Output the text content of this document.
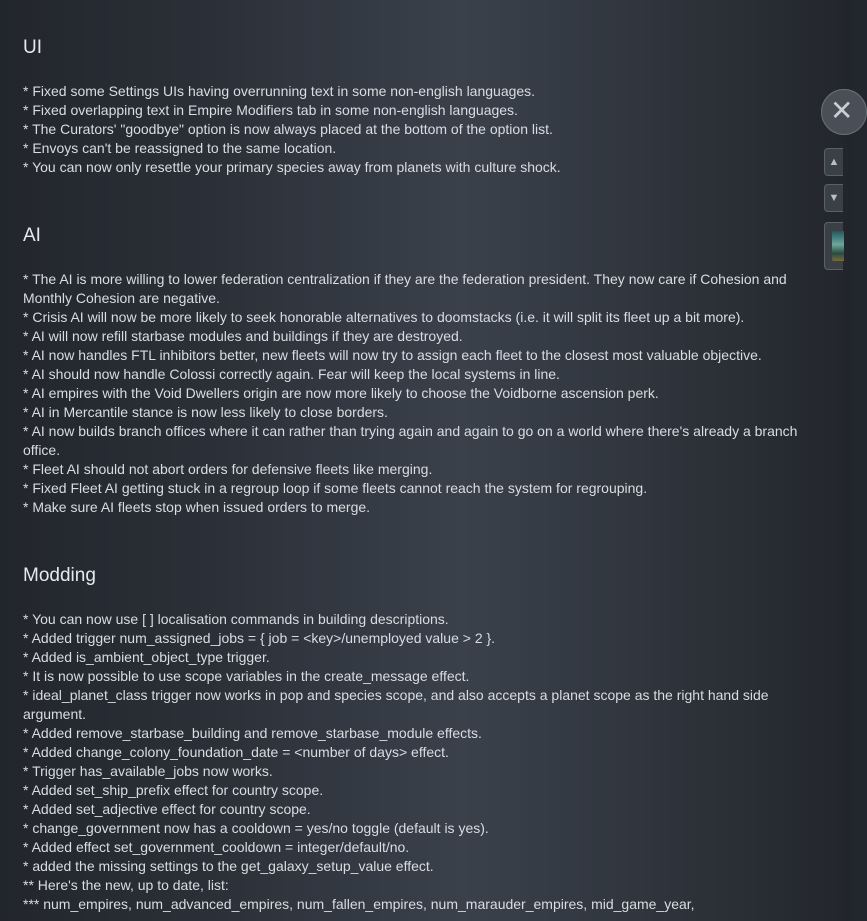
UI
* Fixed some Settings UIs having overrunning text in some non-english languages.
* Fixed overlapping text in Empire Modifiers tab in some non-english languages.
* The Curators' "goodbye" option is now always placed at the bottom of the option list.
* Envoys can't be reassigned to the same location.
* You can now only resettle your primary species away from planets with culture shock.
AI
* The AI is more willing to lower federation centralization if they are the federation president. They now care if Cohesion and Monthly Cohesion are negative.
* Crisis AI will now be more likely to seek honorable alternatives to doomstacks (i.e. it will split its fleet up a bit more).
* AI will now refill starbase modules and buildings if they are destroyed.
* AI now handles FTL inhibitors better, new fleets will now try to assign each fleet to the closest most valuable objective.
* AI should now handle Colossi correctly again. Fear will keep the local systems in line.
* AI empires with the Void Dwellers origin are now more likely to choose the Voidborne ascension perk.
* AI in Mercantile stance is now less likely to close borders.
* AI now builds branch offices where it can rather than trying again and again to go on a world where there's already a branch office.
* Fleet AI should not abort orders for defensive fleets like merging.
* Fixed Fleet AI getting stuck in a regroup loop if some fleets cannot reach the system for regrouping.
* Make sure AI fleets stop when issued orders to merge.
Modding
* You can now use [ ] localisation commands in building descriptions.
* Added trigger num_assigned_jobs = { job = <key>/unemployed value > 2 }.
* Added is_ambient_object_type trigger.
* It is now possible to use scope variables in the create_message effect.
* ideal_planet_class trigger now works in pop and species scope, and also accepts a planet scope as the right hand side argument.
* Added remove_starbase_building and remove_starbase_module effects.
* Added change_colony_foundation_date = <number of days> effect.
* Trigger has_available_jobs now works.
* Added set_ship_prefix effect for country scope.
* Added set_adjective effect for country scope.
* change_government now has a cooldown = yes/no toggle (default is yes).
* Added effect set_government_cooldown = integer/default/no.
* added the missing settings to the get_galaxy_setup_value effect.
** Here's the new, up to date, list:
*** num_empires, num_advanced_empires, num_fallen_empires, num_marauder_empires, mid_game_year,
✕
▲
▼
